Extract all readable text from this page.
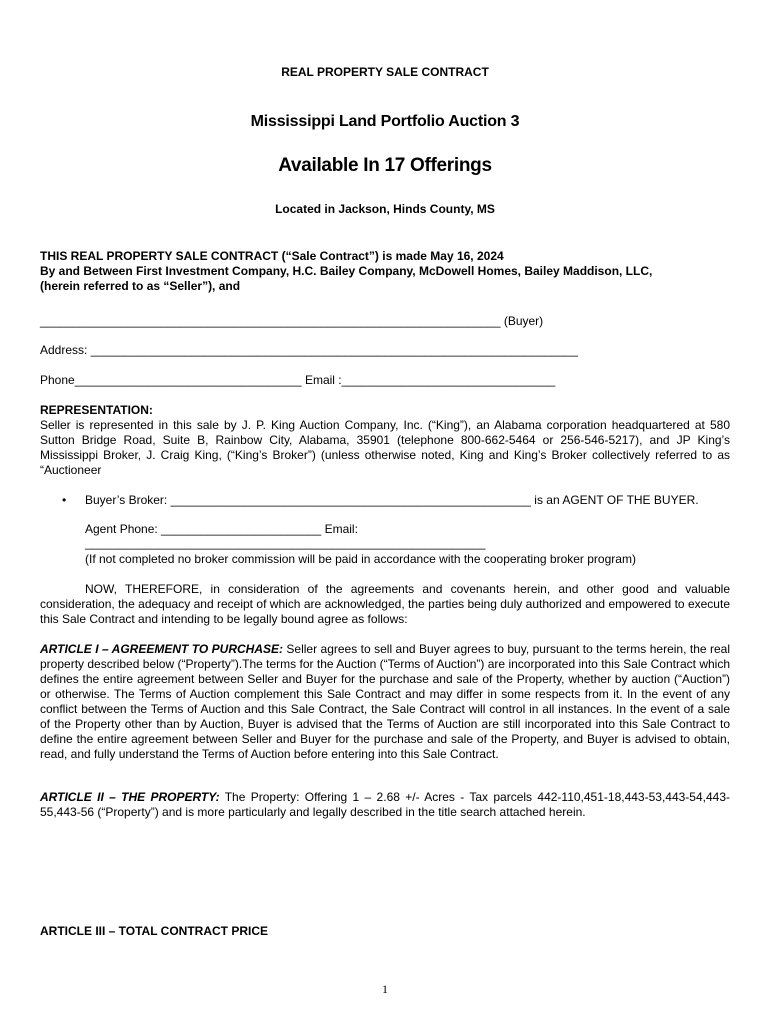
REAL PROPERTY SALE CONTRACT
Mississippi Land Portfolio Auction 3
Available In 17 Offerings
Located in Jackson, Hinds County, MS
THIS REAL PROPERTY SALE CONTRACT (“Sale Contract”) is made May 16, 2024
By and Between First Investment Company, H.C. Bailey Company, McDowell Homes, Bailey Maddison, LLC,
(herein referred to as “Seller”), and
_____________________________________________________________________ (Buyer)
Address: _________________________________________________________________________
Phone__________________________________ Email :________________________________
REPRESENTATION:
Seller is represented in this sale by J. P. King Auction Company, Inc. (“King”), an Alabama corporation headquartered at 580 Sutton Bridge Road, Suite B, Rainbow City, Alabama, 35901 (telephone 800-662-5464 or 256-546-5217), and JP King’s Mississippi Broker, J. Craig King, (“King’s Broker”) (unless otherwise noted, King and King’s Broker collectively referred to as “Auctioneer
• Buyer’s Broker: ______________________________________________________ is an AGENT OF THE BUYER.
Agent Phone: ________________________ Email:
____________________________________________________________
(If not completed no broker commission will be paid in accordance with the cooperating broker program)
NOW, THEREFORE, in consideration of the agreements and covenants herein, and other good and valuable consideration, the adequacy and receipt of which are acknowledged, the parties being duly authorized and empowered to execute this Sale Contract and intending to be legally bound agree as follows:
ARTICLE I – AGREEMENT TO PURCHASE: Seller agrees to sell and Buyer agrees to buy, pursuant to the terms herein, the real property described below (“Property”).The terms for the Auction (“Terms of Auction”) are incorporated into this Sale Contract which defines the entire agreement between Seller and Buyer for the purchase and sale of the Property, whether by auction (“Auction”) or otherwise. The Terms of Auction complement this Sale Contract and may differ in some respects from it. In the event of any conflict between the Terms of Auction and this Sale Contract, the Sale Contract will control in all instances. In the event of a sale of the Property other than by Auction, Buyer is advised that the Terms of Auction are still incorporated into this Sale Contract to define the entire agreement between Seller and Buyer for the purchase and sale of the Property, and Buyer is advised to obtain, read, and fully understand the Terms of Auction before entering into this Sale Contract.
ARTICLE II – THE PROPERTY: The Property: Offering 1 – 2.68 +/- Acres - Tax parcels 442-110,451-18,443-53,443-54,443-55,443-56 (“Property”) and is more particularly and legally described in the title search attached herein.
ARTICLE III – TOTAL CONTRACT PRICE
1
